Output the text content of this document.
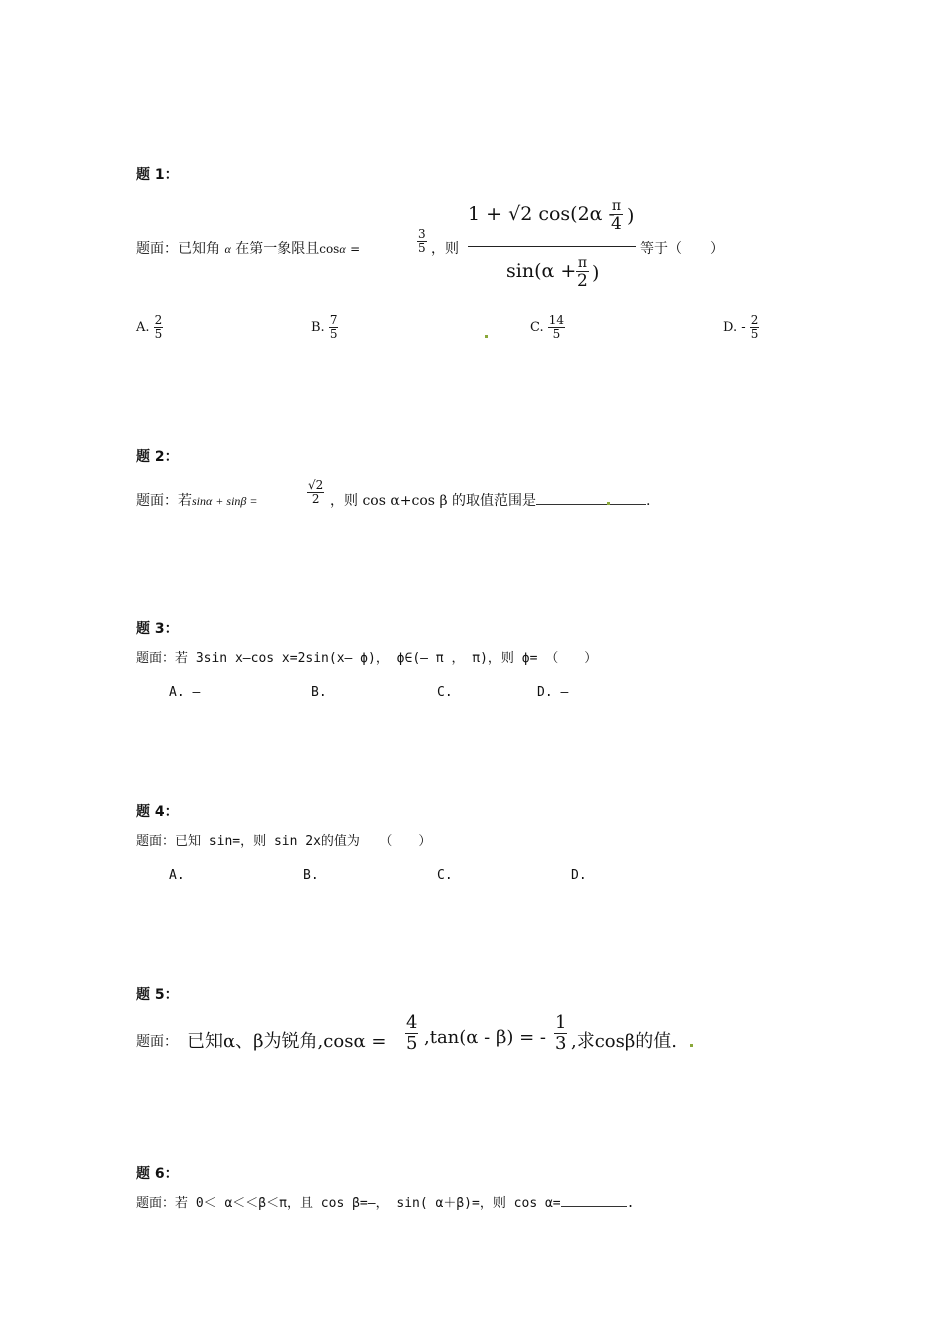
题 1：
题面：已知角 α 在第一象限且cosα =	$\frac{3}{5}$ ，则
1 + √2 cos(2α -
π
4 )
sin(α + π
2 )
等于（　　）
A. $\frac{2}{5}$	B. $\frac{7}{5}$	C. $\frac{14}{5}$	D. - $\frac{2}{5}$
题 2：
题面：若sinα + sinβ =	$\frac{√2}{2}$ ，则 cos α+cos β 的取值范围是	.
题 3：
题面：若 3sin x—cos x=2sin(x— ϕ)， ϕ∈(— π ， π)，则 ϕ= （　　）
A. —	B.	C.	D. —
题 4：
题面：已知 sin=，则 sin 2x的值为　　（　　）
A.	B.	C.	D.
题 5：
题面： 已知α、β为锐角$,\cos\alpha = \frac{4}{5} ,\tan(\alpha - \beta)$ = - $\frac{1}{3}$ ,求cosβ的值.
题 6：
题面：若 0＜ α＜＜β＜π，且 cos β=—， sin( α＋β)=，则 cos α=	.
